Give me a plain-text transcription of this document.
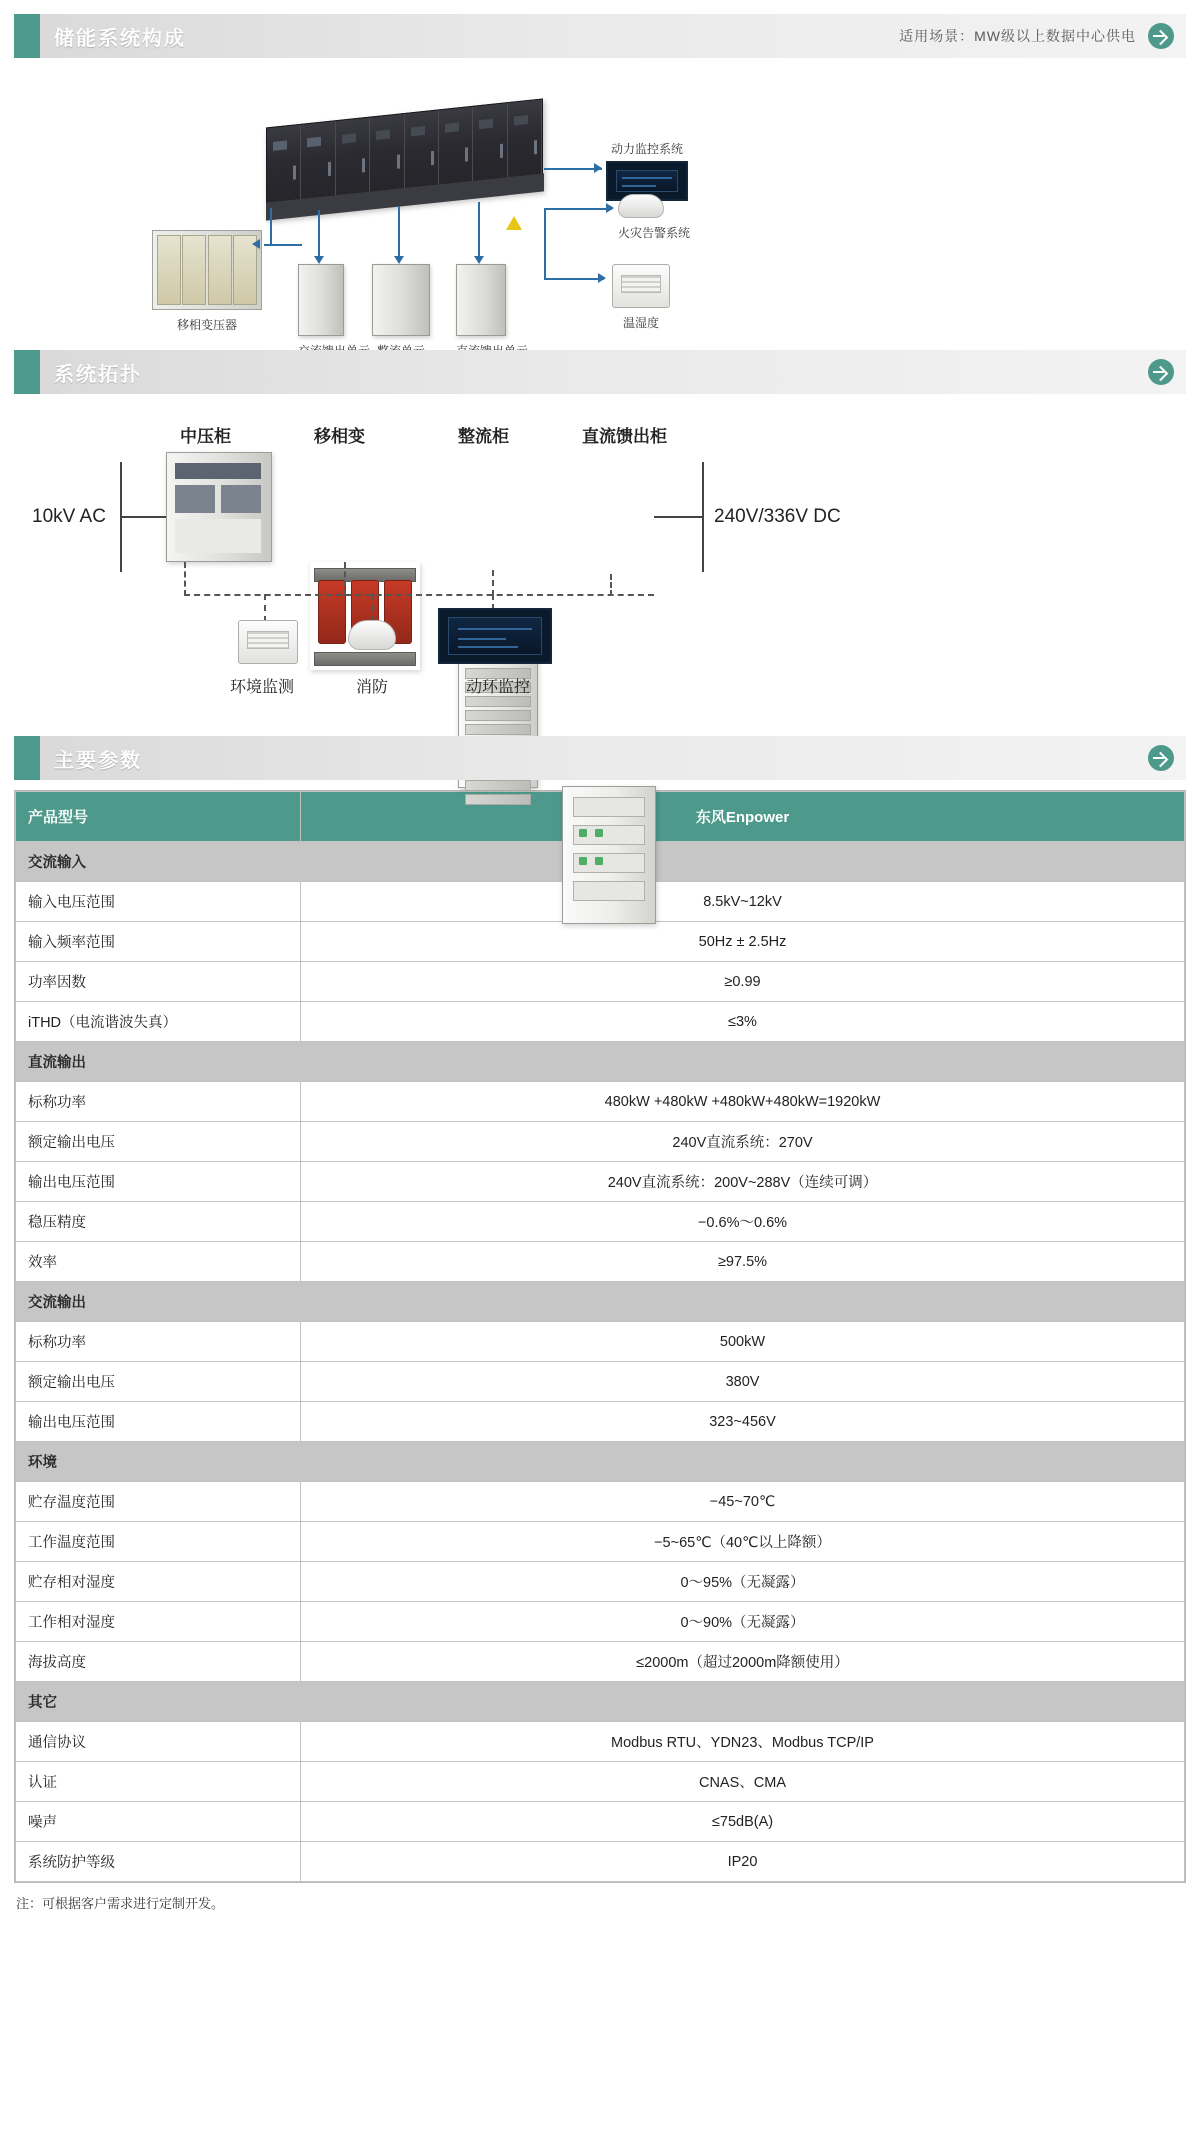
储能系统构成	适用场景：MW级以上数据中心供电
移相变压器
动力监控系统
火灾告警系统
温湿度
系统拓扑
中压柜	移相变	整流柜	直流馈出柜
10kV AC	240V/336V DC
环境监测	消防	动环监控
主要参数
产品型号	东风Enpower
交流输入	
输入电压范围	8.5kV~12kV
输入频率范围	50Hz ± 2.5Hz
功率因数	≥0.99
iTHD（电流谐波失真）	≤3%
直流输出	
标称功率	480kW +480kW +480kW+480kW=1920kW
额定输出电压	240V直流系统：270V
输出电压范围	240V直流系统：200V~288V（连续可调）
稳压精度	−0.6%～0.6%
效率	≥97.5%
交流输出	
标称功率	500kW
额定输出电压	380V
输出电压范围	323~456V
环境	
贮存温度范围	−45~70℃
工作温度范围	−5~65℃（40℃以上降额）
贮存相对湿度	0～95%（无凝露）
工作相对湿度	0～90%（无凝露）
海拔高度	≤2000m（超过2000m降额使用）
其它	
通信协议	Modbus RTU、YDN23、Modbus TCP/IP
认证	CNAS、CMA
噪声	≤75dB(A)
系统防护等级	IP20
注：可根据客户需求进行定制开发。
